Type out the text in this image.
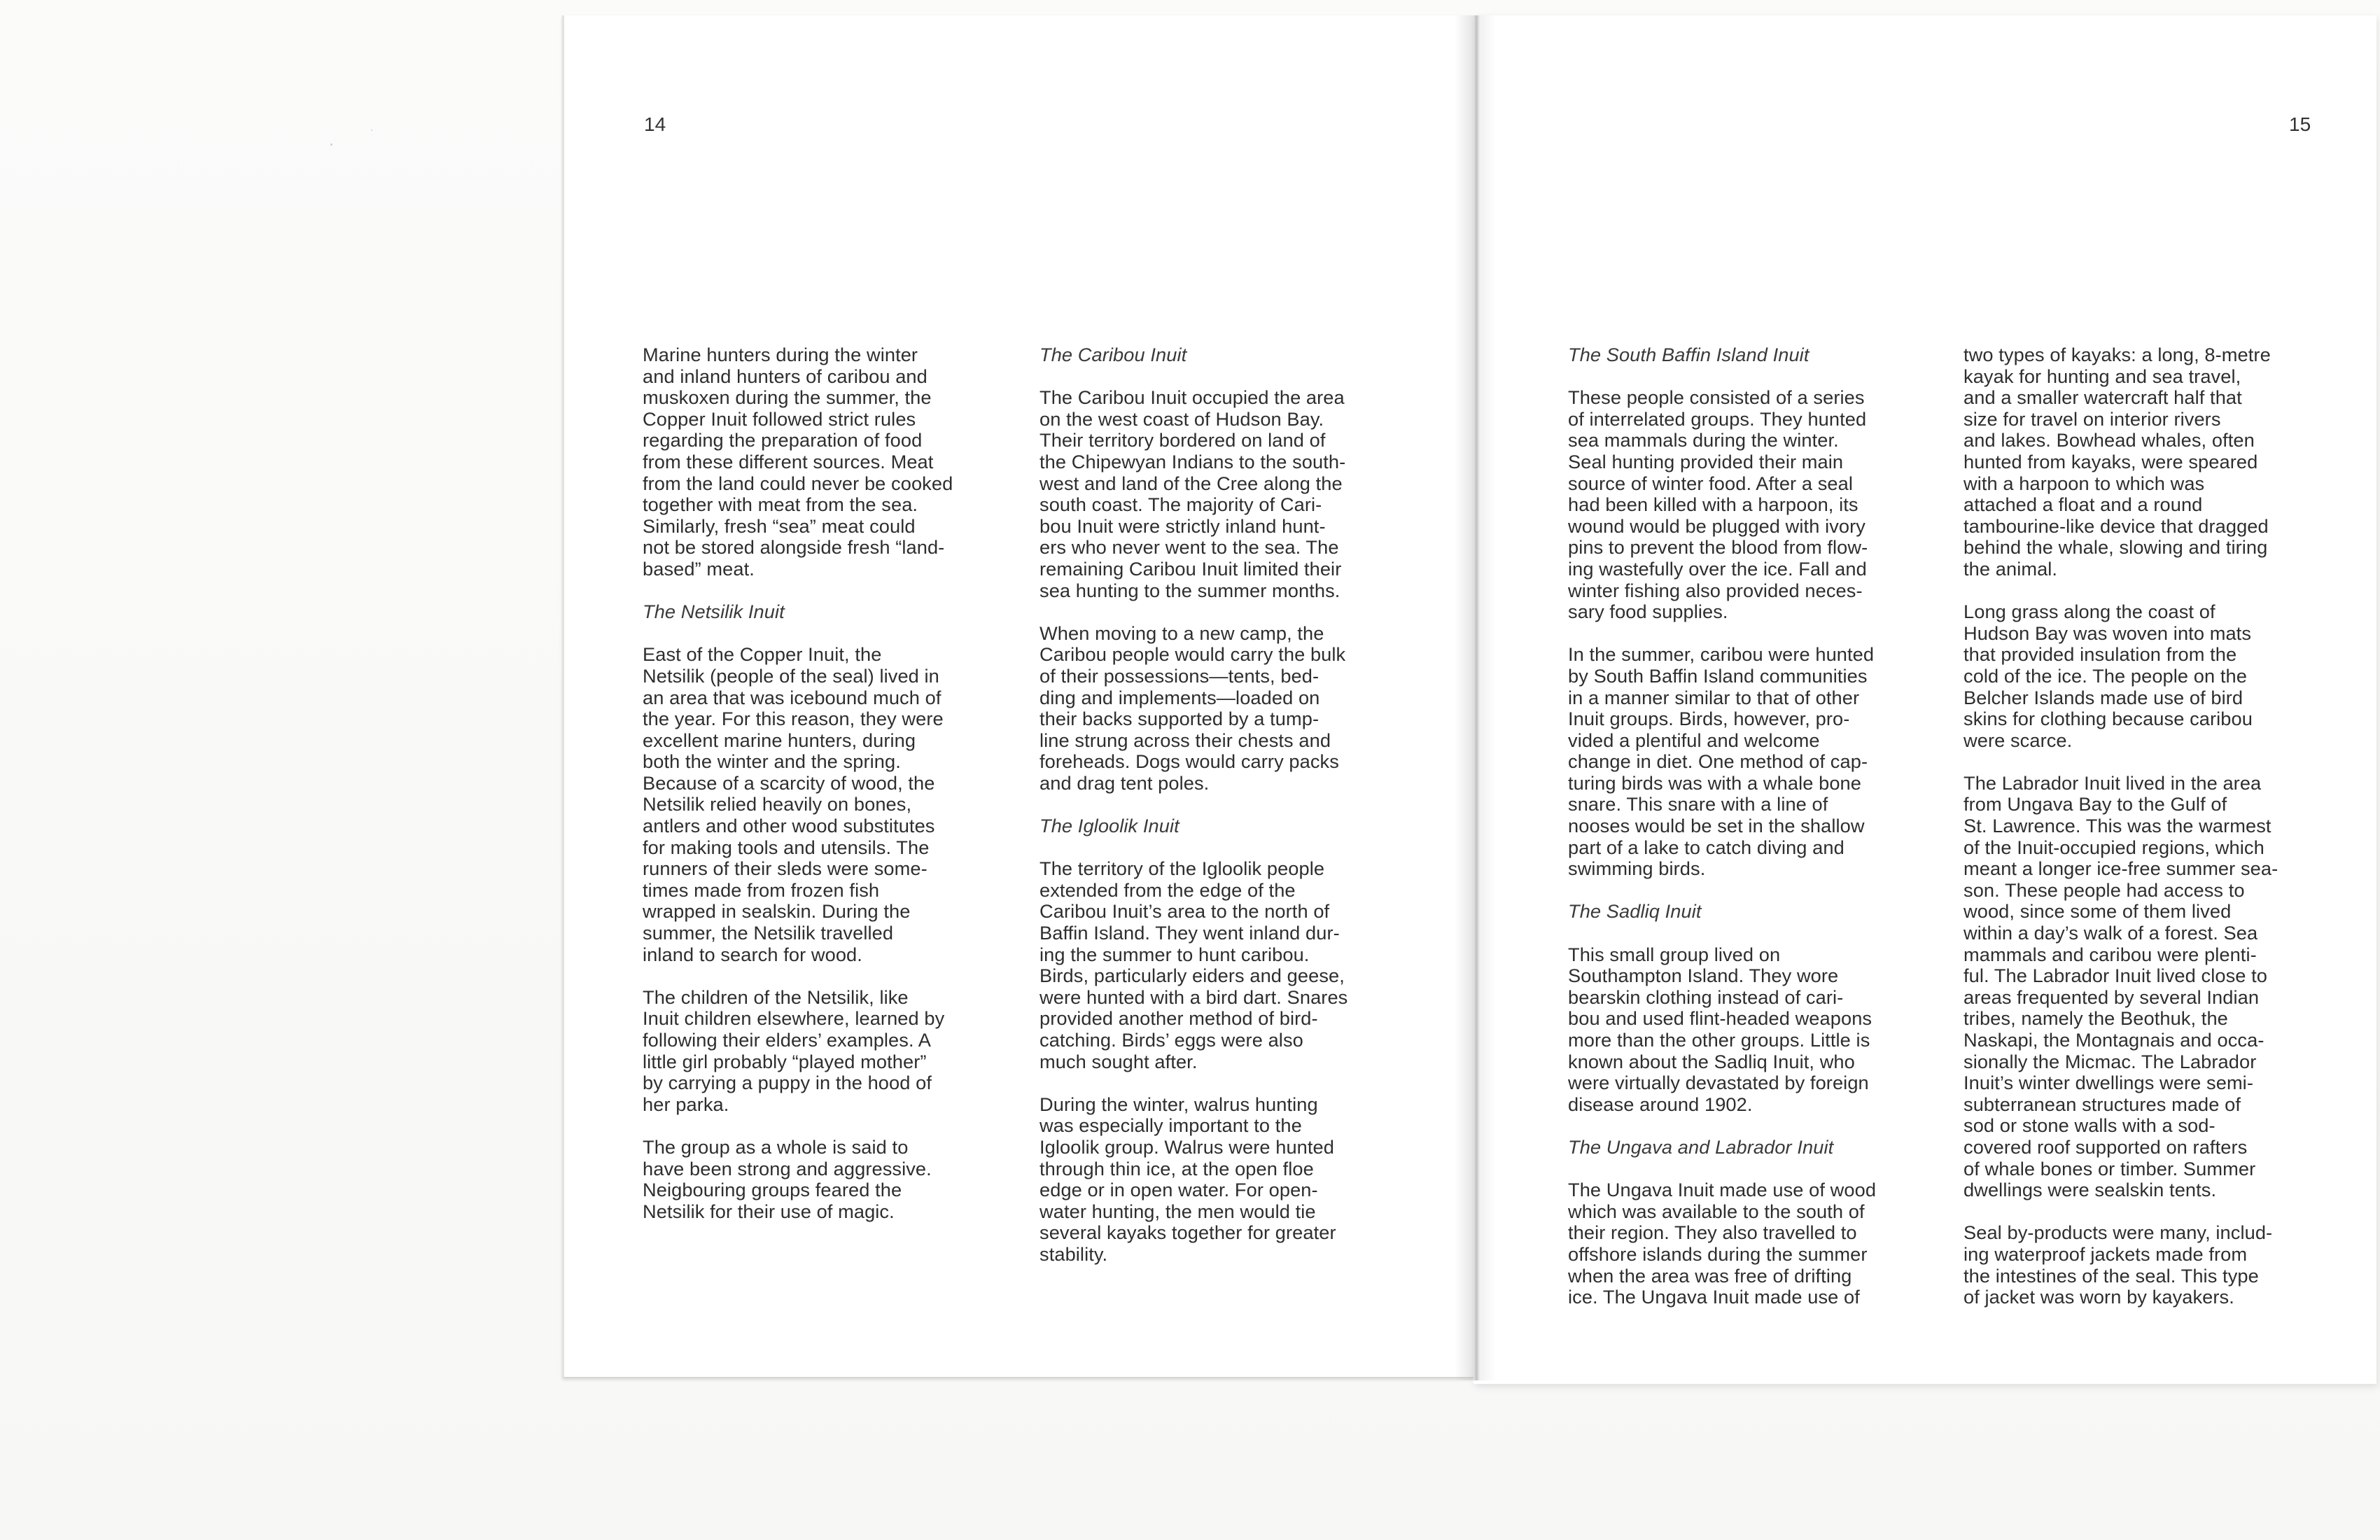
14
Marine hunters during the winter
and inland hunters of caribou and
muskoxen during the summer, the
Copper Inuit followed strict rules
regarding the preparation of food
from these different sources. Meat
from the land could never be cooked
together with meat from the sea.
Similarly, fresh “sea” meat could
not be stored alongside fresh “land-
based” meat.
The Netsilik Inuit
East of the Copper Inuit, the
Netsilik (people of the seal) lived in
an area that was icebound much of
the year. For this reason, they were
excellent marine hunters, during
both the winter and the spring.
Because of a scarcity of wood, the
Netsilik relied heavily on bones,
antlers and other wood substitutes
for making tools and utensils. The
runners of their sleds were some-
times made from frozen fish
wrapped in sealskin. During the
summer, the Netsilik travelled
inland to search for wood.
The children of the Netsilik, like
Inuit children elsewhere, learned by
following their elders’ examples. A
little girl probably “played mother”
by carrying a puppy in the hood of
her parka.
The group as a whole is said to
have been strong and aggressive.
Neigbouring groups feared the
Netsilik for their use of magic.
The Caribou Inuit
The Caribou Inuit occupied the area
on the west coast of Hudson Bay.
Their territory bordered on land of
the Chipewyan Indians to the south-
west and land of the Cree along the
south coast. The majority of Cari-
bou Inuit were strictly inland hunt-
ers who never went to the sea. The
remaining Caribou Inuit limited their
sea hunting to the summer months.
When moving to a new camp, the
Caribou people would carry the bulk
of their possessions—tents, bed-
ding and implements—loaded on
their backs supported by a tump-
line strung across their chests and
foreheads. Dogs would carry packs
and drag tent poles.
The Igloolik Inuit
The territory of the Igloolik people
extended from the edge of the
Caribou Inuit’s area to the north of
Baffin Island. They went inland dur-
ing the summer to hunt caribou.
Birds, particularly eiders and geese,
were hunted with a bird dart. Snares
provided another method of bird-
catching. Birds’ eggs were also
much sought after.
During the winter, walrus hunting
was especially important to the
Igloolik group. Walrus were hunted
through thin ice, at the open floe
edge or in open water. For open-
water hunting, the men would tie
several kayaks together for greater
stability.
15
The South Baffin Island Inuit
These people consisted of a series
of interrelated groups. They hunted
sea mammals during the winter.
Seal hunting provided their main
source of winter food. After a seal
had been killed with a harpoon, its
wound would be plugged with ivory
pins to prevent the blood from flow-
ing wastefully over the ice. Fall and
winter fishing also provided neces-
sary food supplies.
In the summer, caribou were hunted
by South Baffin Island communities
in a manner similar to that of other
Inuit groups. Birds, however, pro-
vided a plentiful and welcome
change in diet. One method of cap-
turing birds was with a whale bone
snare. This snare with a line of
nooses would be set in the shallow
part of a lake to catch diving and
swimming birds.
The Sadliq Inuit
This small group lived on
Southampton Island. They wore
bearskin clothing instead of cari-
bou and used flint-headed weapons
more than the other groups. Little is
known about the Sadliq Inuit, who
were virtually devastated by foreign
disease around 1902.
The Ungava and Labrador Inuit
The Ungava Inuit made use of wood
which was available to the south of
their region. They also travelled to
offshore islands during the summer
when the area was free of drifting
ice. The Ungava Inuit made use of
two types of kayaks: a long, 8-metre
kayak for hunting and sea travel,
and a smaller watercraft half that
size for travel on interior rivers
and lakes. Bowhead whales, often
hunted from kayaks, were speared
with a harpoon to which was
attached a float and a round
tambourine-like device that dragged
behind the whale, slowing and tiring
the animal.
Long grass along the coast of
Hudson Bay was woven into mats
that provided insulation from the
cold of the ice. The people on the
Belcher Islands made use of bird
skins for clothing because caribou
were scarce.
The Labrador Inuit lived in the area
from Ungava Bay to the Gulf of
St. Lawrence. This was the warmest
of the Inuit-occupied regions, which
meant a longer ice-free summer sea-
son. These people had access to
wood, since some of them lived
within a day’s walk of a forest. Sea
mammals and caribou were plenti-
ful. The Labrador Inuit lived close to
areas frequented by several Indian
tribes, namely the Beothuk, the
Naskapi, the Montagnais and occa-
sionally the Micmac. The Labrador
Inuit’s winter dwellings were semi-
subterranean structures made of
sod or stone walls with a sod-
covered roof supported on rafters
of whale bones or timber. Summer
dwellings were sealskin tents.
Seal by-products were many, includ-
ing waterproof jackets made from
the intestines of the seal. This type
of jacket was worn by kayakers.
